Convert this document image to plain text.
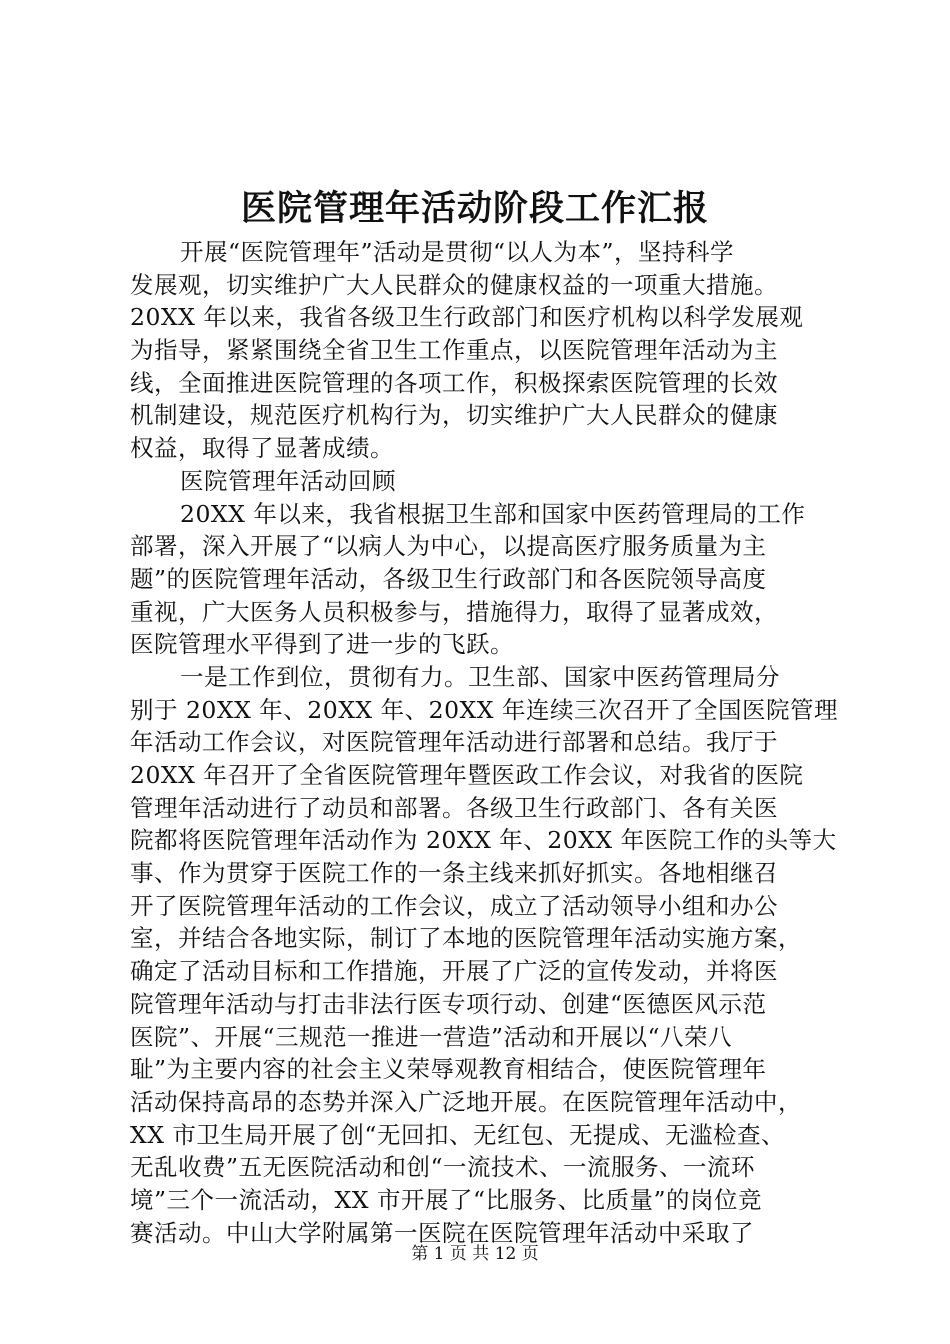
医院管理年活动阶段工作汇报
开展“医院管理年”活动是贯彻“以人为本”，坚持科学
发展观，切实维护广大人民群众的健康权益的一项重大措施。
20XX 年以来，我省各级卫生行政部门和医疗机构以科学发展观
为指导，紧紧围绕全省卫生工作重点，以医院管理年活动为主
线，全面推进医院管理的各项工作，积极探索医院管理的长效
机制建设，规范医疗机构行为，切实维护广大人民群众的健康
权益，取得了显著成绩。
医院管理年活动回顾
20XX 年以来，我省根据卫生部和国家中医药管理局的工作
部署，深入开展了“以病人为中心，以提高医疗服务质量为主
题”的医院管理年活动，各级卫生行政部门和各医院领导高度
重视，广大医务人员积极参与，措施得力，取得了显著成效，
医院管理水平得到了进一步的飞跃。
一是工作到位，贯彻有力。卫生部、国家中医药管理局分
别于 20XX 年、20XX 年、20XX 年连续三次召开了全国医院管理
年活动工作会议，对医院管理年活动进行部署和总结。我厅于
20XX 年召开了全省医院管理年暨医政工作会议，对我省的医院
管理年活动进行了动员和部署。各级卫生行政部门、各有关医
院都将医院管理年活动作为 20XX 年、20XX 年医院工作的头等大
事、作为贯穿于医院工作的一条主线来抓好抓实。各地相继召
开了医院管理年活动的工作会议，成立了活动领导小组和办公
室，并结合各地实际，制订了本地的医院管理年活动实施方案，
确定了活动目标和工作措施，开展了广泛的宣传发动，并将医
院管理年活动与打击非法行医专项行动、创建“医德医风示范
医院”、开展“三规范一推进一营造”活动和开展以“八荣八
耻”为主要内容的社会主义荣辱观教育相结合，使医院管理年
活动保持高昂的态势并深入广泛地开展。在医院管理年活动中，
XX 市卫生局开展了创“无回扣、无红包、无提成、无滥检查、
无乱收费”五无医院活动和创“一流技术、一流服务、一流环
境”三个一流活动，XX 市开展了“比服务、比质量”的岗位竞
赛活动。中山大学附属第一医院在医院管理年活动中采取了
第 1 页 共 12 页
